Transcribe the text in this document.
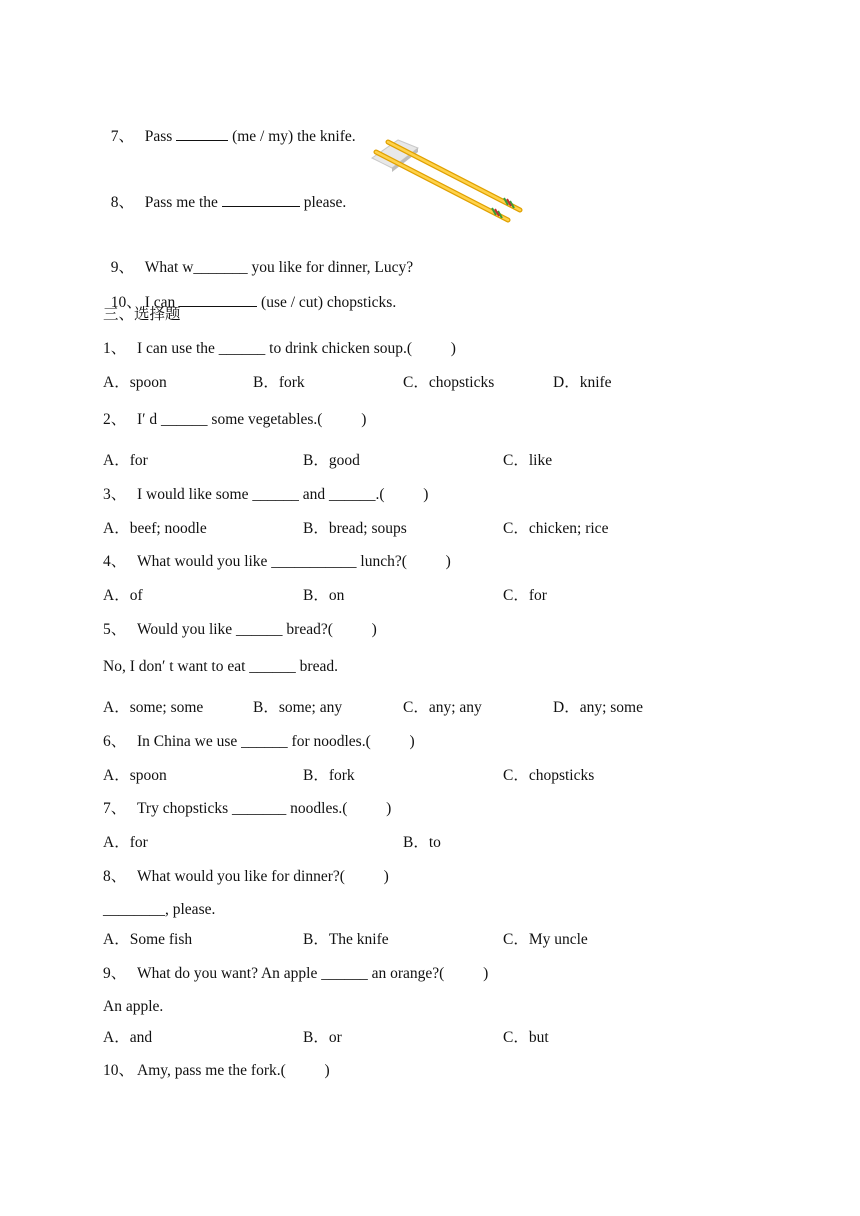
7、 Pass	(me / my) the knife.

8、 Pass me the	please.

9、 What w_______ you like for dinner, Lucy?

10、 I can	(use / cut) chopsticks.

三、选择题
1、 I can use the ______ to drink chicken soup.(          )
A．spoon	B．fork	C．chopsticks	D．knife
2、 I′ d ______ some vegetables.(          )
A．for	B．good	C．like
3、 I would like some ______ and ______.(          )
A．beef; noodle	B．bread; soups	C．chicken; rice
4、 What would you like ___________ lunch?(          )
A．of	B．on	C．for
5、 Would you like ______ bread?(          )
No, I don′ t want to eat ______ bread.
A．some; some	B．some; any	C．any; any	D．any; some
6、 In China we use ______ for noodles.(          )
A．spoon	B．fork	C．chopsticks
7、 Try chopsticks _______ noodles.(          )
A．for	B．to
8、 What would you like for dinner?(          )
________, please.
A．Some fish	B．The knife	C．My uncle
9、 What do you want? An apple ______ an orange?(          )
An apple.
A．and	B．or	C．but
10、 Amy, pass me the fork.(          )
